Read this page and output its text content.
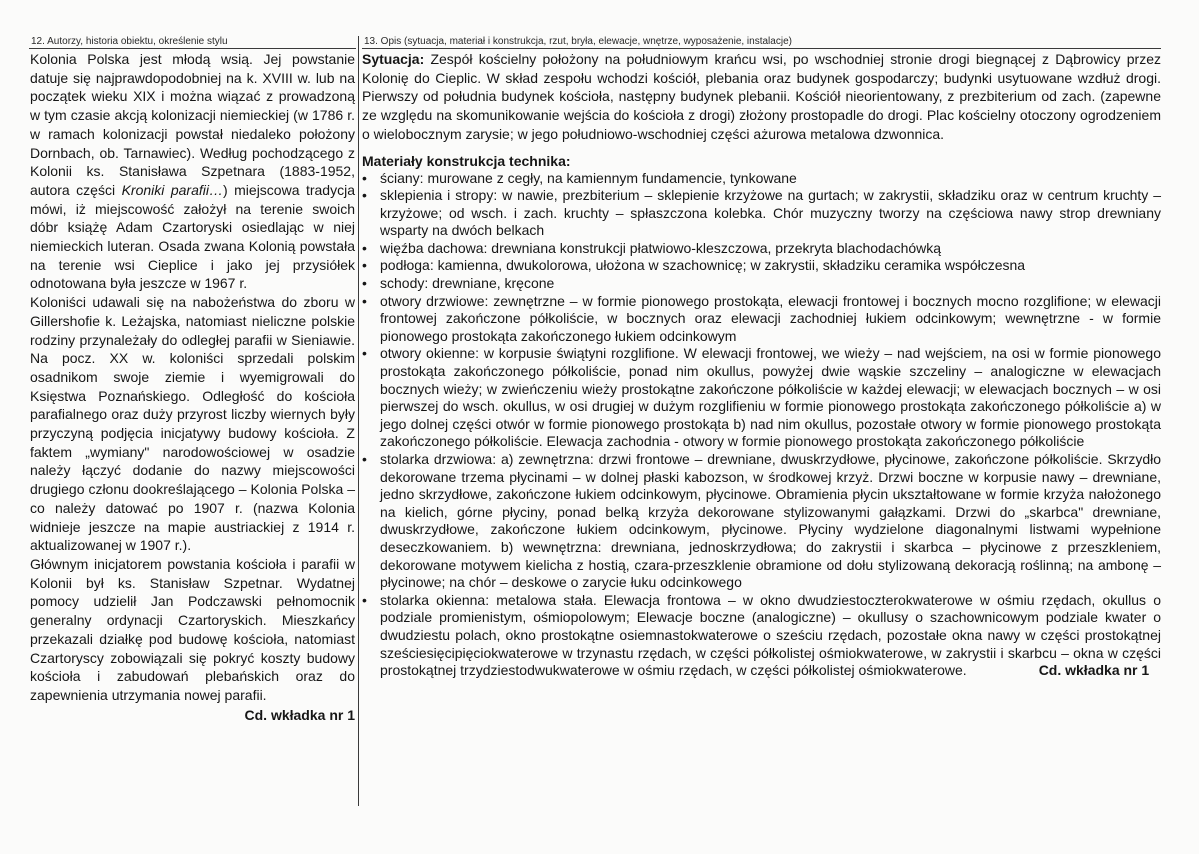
12. Autorzy, historia obiektu, określenie stylu

Kolonia Polska jest młodą wsią. Jej powstanie datuje się najprawdopodobniej na k. XVIII w. lub na początek wieku XIX i można wiązać z prowadzoną w tym czasie akcją kolonizacji niemieckiej (w 1786 r. w ramach kolonizacji powstał niedaleko położony Dornbach, ob. Tarnawiec). Według pochodzącego z Kolonii ks. Stanisława Szpetnara (1883-1952, autora części Kroniki parafii…) miejscowa tradycja mówi, iż miejscowość założył na terenie swoich dóbr książę Adam Czartoryski osiedlając w niej niemieckich luteran. Osada zwana Kolonią powstała na terenie wsi Cieplice i jako jej przysiółek odnotowana była jeszcze w 1967 r.

Koloniści udawali się na nabożeństwa do zboru w Gillershofie k. Leżajska, natomiast nieliczne polskie rodziny przynależały do odległej parafii w Sieniawie. Na pocz. XX w. koloniści sprzedali polskim osadnikom swoje ziemie i wyemigrowali do Księstwa Poznańskiego. Odległość do kościoła parafialnego oraz duży przyrost liczby wiernych były przyczyną podjęcia inicjatywy budowy kościoła. Z faktem „wymiany" narodowościowej w osadzie należy łączyć dodanie do nazwy miejscowości drugiego członu dookreślającego – Kolonia Polska – co należy datować po 1907 r. (nazwa Kolonia widnieje jeszcze na mapie austriackiej z 1914 r. aktualizowanej w 1907 r.).

Głównym inicjatorem powstania kościoła i parafii w Kolonii był ks. Stanisław Szpetnar. Wydatnej pomocy udzielił Jan Podczawski pełnomocnik generalny ordynacji Czartoryskich. Mieszkańcy przekazali działkę pod budowę kościoła, natomiast Czartoryscy zobowiązali się pokryć koszty budowy kościoła i zabudowań plebańskich oraz do zapewnienia utrzymania nowej parafii.

Cd. wkładka nr 1
13. Opis (sytuacja, materiał i konstrukcja, rzut, bryła, elewacje, wnętrze, wyposażenie, instalacje)

Sytuacja: Zespół kościelny położony na południowym krańcu wsi, po wschodniej stronie drogi biegnącej z Dąbrowicy przez Kolonię do Cieplic. W skład zespołu wchodzi kościół, plebania oraz budynek gospodarczy; budynki usytuowane wzdłuż drogi. Pierwszy od południa budynek kościoła, następny budynek plebanii. Kościół nieorientowany, z prezbiterium od zach. (zapewne ze względu na skomunikowanie wejścia do kościoła z drogi) złożony prostopadle do drogi. Plac kościelny otoczony ogrodzeniem o wielobocznym zarysie; w jego południowo-wschodniej części ażurowa metalowa dzwonnica.

Materiały konstrukcja technika:
• ściany: murowane z cegły, na kamiennym fundamencie, tynkowane
• sklepienia i stropy: w nawie, prezbiterium – sklepienie krzyżowe na gurtach; w zakrystii, składziku oraz w centrum kruchty – krzyżowe; od wsch. i zach. kruchty – spłaszczona kolebka. Chór muzyczny tworzy na częściowa nawy strop drewniany wsparty na dwóch belkach
• więźba dachowa: drewniana konstrukcji płatwiowo-kleszczowa, przekryta blachodachówką
• podłoga: kamienna, dwukolorowa, ułożona w szachownicę; w zakrystii, składziku ceramika współczesna
• schody: drewniane, kręcone
• otwory drzwiowe: zewnętrzne – w formie pionowego prostokąta, elewacji frontowej i bocznych mocno rozglifione; w elewacji frontowej zakończone półkoliście, w bocznych oraz elewacji zachodniej łukiem odcinkowym; wewnętrzne - w formie pionowego prostokąta zakończonego łukiem odcinkowym
• otwory okienne: w korpusie świątyni rozglifione. W elewacji frontowej, we wieży – nad wejściem, na osi w formie pionowego prostokąta zakończonego półkoliście, ponad nim okullus, powyżej dwie wąskie szczeliny – analogiczne w elewacjach bocznych wieży; w zwieńczeniu wieży prostokątne zakończone półkoliście w każdej elewacji; w elewacjach bocznych – w osi pierwszej do wsch. okullus, w osi drugiej w dużym rozglifieniu w formie pionowego prostokąta zakończonego półkoliście a) w jego dolnej części otwór w formie pionowego prostokąta b) nad nim okullus, pozostałe otwory w formie pionowego prostokąta zakończonego półkoliście. Elewacja zachodnia - otwory w formie pionowego prostokąta zakończonego półkoliście
• stolarka drzwiowa: a) zewnętrzna: drzwi frontowe – drewniane, dwuskrzydłowe, płycinowe, zakończone półkoliście. Skrzydło dekorowane trzema płycinami – w dolnej płaski kabozson, w środkowej krzyż. Drzwi boczne w korpusie nawy – drewniane, jedno skrzydłowe, zakończone łukiem odcinkowym, płycinowe. Obramienia płycin ukształtowane w formie krzyża nałożonego na kielich, górne płyciny, ponad belką krzyża dekorowane stylizowanymi gałązkami. Drzwi do „skarbca" drewniane, dwuskrzydłowe, zakończone łukiem odcinkowym, płycinowe. Płyciny wydzielone diagonalnymi listwami wypełnione deseczkowaniem. b) wewnętrzna: drewniana, jednoskrzydłowa; do zakrystii i skarbca – płycinowe z przeszkleniem, dekorowane motywem kielicha z hostią, czara-przeszklenie obramione od dołu stylizowaną dekoracją roślinną; na ambonę – płycinowe; na chór – deskowe o zarycie łuku odcinkowego
• stolarka okienna: metalowa stała. Elewacja frontowa – w okno dwudziestoczterokwaterowe w ośmiu rzędach, okullus o podziale promienistym, ośmiopolowym; Elewacje boczne (analogiczne) – okullusy o szachownicowym podziale kwater o dwudziestu polach, okno prostokątne osiemnastokwaterowe o sześciu rzędach, pozostałe okna nawy w części prostokątnej sześciesięcipięciokwaterowe w trzynastu rzędach, w części półkolistej ośmiokwaterowe, w zakrystii i skarbcu – okna w części prostokątnej trzydziestodwukwaterowe w ośmiu rzędach, w części półkolistej ośmiokwaterowe.	Cd. wkładka nr 1
